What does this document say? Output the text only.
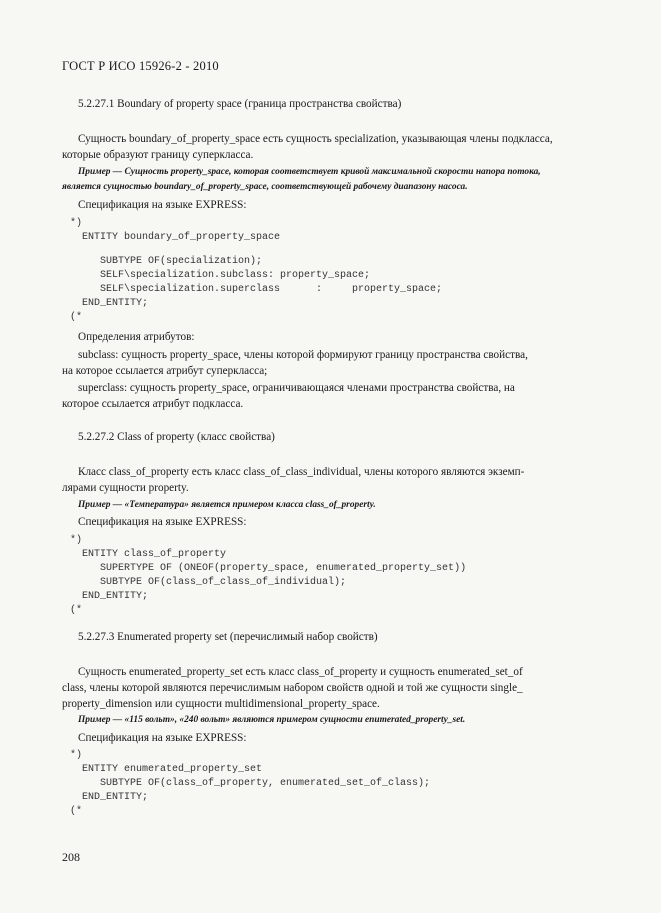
ГОСТ Р ИСО 15926-2 - 2010
5.2.27.1 Boundary of property space (граница пространства свойства)
Сущность boundary_of_property_space есть сущность specialization, указывающая члены подкласса,
которые образуют границу суперкласса.
Пример — Сущность property_space, которая соответствует кривой максимальной скорости напора потока,
является сущностью boundary_of_property_space, соответствующей рабочему диапазону насоса.
Спецификация на языке EXPRESS:
*)
ENTITY boundary_of_property_space
SUBTYPE OF(specialization);
SELF\specialization.subclass: property_space;
SELF\specialization.superclass      :     property_space;
END_ENTITY;
(*
Определения атрибутов:
subclass: сущность property_space, члены которой формируют границу пространства свойства,
на которое ссылается атрибут суперкласса;
superclass: сущность property_space, ограничивающаяся членами пространства свойства, на
которое ссылается атрибут подкласса.
5.2.27.2 Class of property (класс свойства)
Класс class_of_property есть класс class_of_class_individual, члены которого являются экземп-
лярами сущности property.
Пример — «Температура» является примером класса class_of_property.
Спецификация на языке EXPRESS:
*)
ENTITY class_of_property
SUPERTYPE OF (ONEOF(property_space, enumerated_property_set))
SUBTYPE OF(class_of_class_of_individual);
END_ENTITY;
(*
5.2.27.3 Enumerated property set (перечислимый набор свойств)
Сущность enumerated_property_set есть класс class_of_property и сущность enumerated_set_of
class, члены которой являются перечислимым набором свойств одной и той же сущности single_
property_dimension или сущности multidimensional_property_space.
Пример — «115 вольт», «240 вольт» являются примером сущности enumerated_property_set.
Спецификация на языке EXPRESS:
*)
ENTITY enumerated_property_set
SUBTYPE OF(class_of_property, enumerated_set_of_class);
END_ENTITY;
(*
208
